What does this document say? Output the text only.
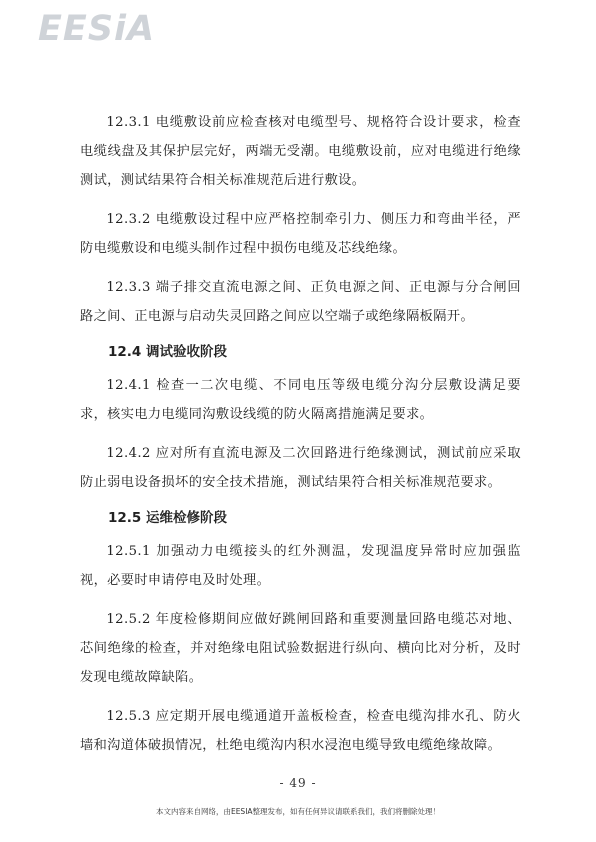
EESiA

12.3.1 电缆敷设前应检查核对电缆型号、规格符合设计要求，检查电缆线盘及其保护层完好，两端无受潮。电缆敷设前，应对电缆进行绝缘测试，测试结果符合相关标准规范后进行敷设。

12.3.2 电缆敷设过程中应严格控制牵引力、侧压力和弯曲半径，严防电缆敷设和电缆头制作过程中损伤电缆及芯线绝缘。

12.3.3 端子排交直流电源之间、正负电源之间、正电源与分合闸回路之间、正电源与启动失灵回路之间应以空端子或绝缘隔板隔开。

12.4 调试验收阶段

12.4.1 检查一二次电缆、不同电压等级电缆分沟分层敷设满足要求，核实电力电缆同沟敷设线缆的防火隔离措施满足要求。

12.4.2 应对所有直流电源及二次回路进行绝缘测试，测试前应采取防止弱电设备损坏的安全技术措施，测试结果符合相关标准规范要求。

12.5 运维检修阶段

12.5.1 加强动力电缆接头的红外测温，发现温度异常时应加强监视，必要时申请停电及时处理。

12.5.2 年度检修期间应做好跳闸回路和重要测量回路电缆芯对地、芯间绝缘的检查，并对绝缘电阻试验数据进行纵向、横向比对分析，及时发现电缆故障缺陷。

12.5.3 应定期开展电缆通道开盖板检查，检查电缆沟排水孔、防火墙和沟道体破损情况，杜绝电缆沟内积水浸泡电缆导致电缆绝缘故障。

- 49 -
本文内容来自网络，由EESIA整理发布，如有任何异议请联系我们，我们将删除处理！
